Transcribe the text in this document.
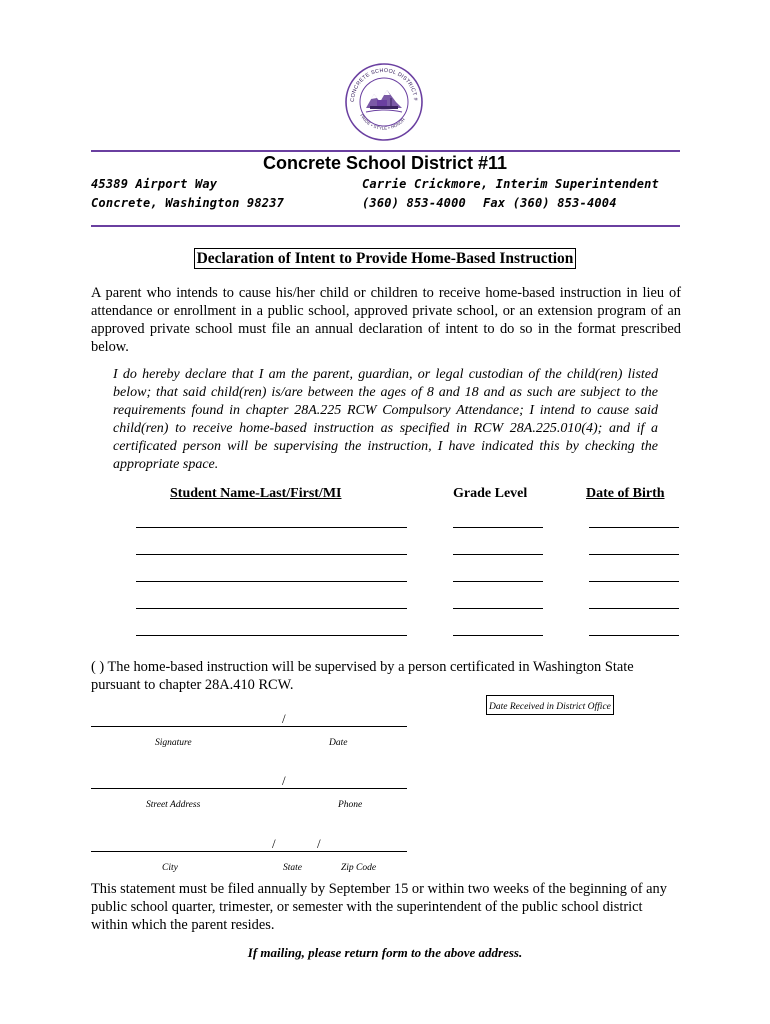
CONCRETE SCHOOL DISTRICT #
PRIDE • STYLE • HONOR
Concrete School District #11
45389 Airport Way
Concrete, Washington 98237
Carrie Crickmore, Interim Superintendent
(360) 853-4000 Fax (360) 853-4004
Declaration of Intent to Provide Home-Based Instruction
A parent who intends to cause his/her child or children to receive home-based instruction in lieu of attendance or enrollment in a public school, approved private school, or an extension program of an approved private school must file an annual declaration of intent to do so in the format prescribed below.
I do hereby declare that I am the parent, guardian, or legal custodian of the child(ren) listed below; that said child(ren) is/are between the ages of 8 and 18 and as such are subject to the requirements found in chapter 28A.225 RCW Compulsory Attendance; I intend to cause said child(ren) to receive home-based instruction as specified in RCW 28A.225.010(4); and if a certificated person will be supervising the instruction, I have indicated this by checking the appropriate space.
Student Name-Last/First/MI	Grade Level	Date of Birth
( ) The home-based instruction will be supervised by a person certificated in Washington State pursuant to chapter 28A.410 RCW.
Date Received in District Office
/
Signature	Date
/
Street Address	Phone
/	/
City	State	Zip Code
This statement must be filed annually by September 15 or within two weeks of the beginning of any public school quarter, trimester, or semester with the superintendent of the public school district within which the parent resides.
If mailing, please return form to the above address.
